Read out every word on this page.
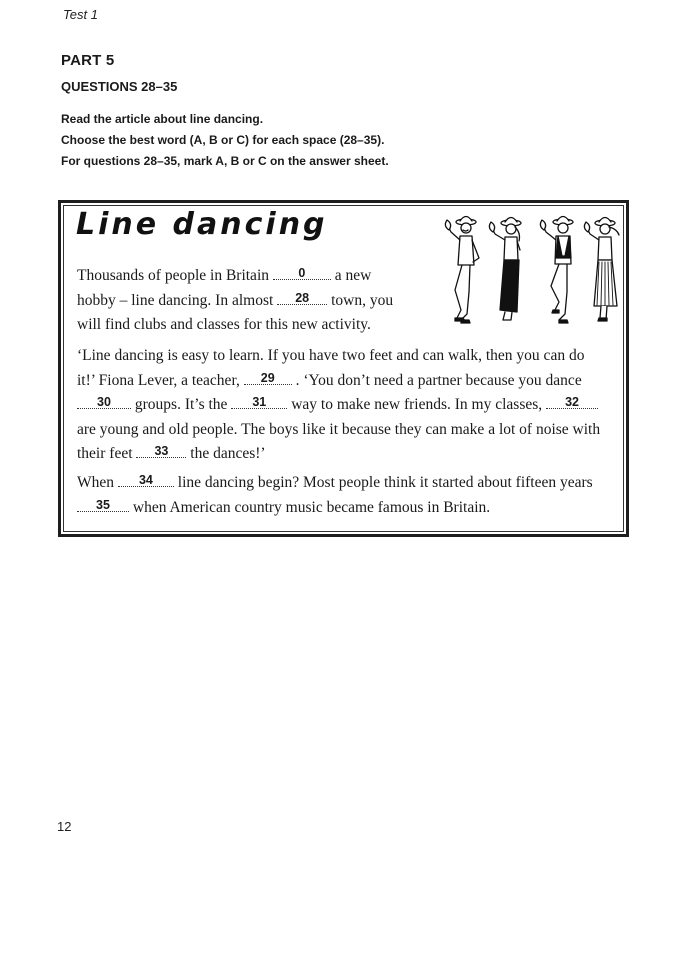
Test 1
PART 5
QUESTIONS 28–35
Read the article about line dancing.
Choose the best word (A, B or C) for each space (28–35).
For questions 28–35, mark A, B or C on the answer sheet.
Line dancing
Thousands of people in Britain 0 a new
hobby – line dancing. In almost 28 town, you
will find clubs and classes for this new activity.
‘Line dancing is easy to learn. If you have two feet and can walk, then you can do
it!’ Fiona Lever, a teacher, 29 . ‘You don’t need a partner because you dance
30 groups. It’s the 31 way to make new friends. In my classes, 32
are young and old people. The boys like it because they can make a lot of noise with
their feet 33 the dances!’
When 34 line dancing begin? Most people think it started about fifteen years
35 when American country music became famous in Britain.
12
